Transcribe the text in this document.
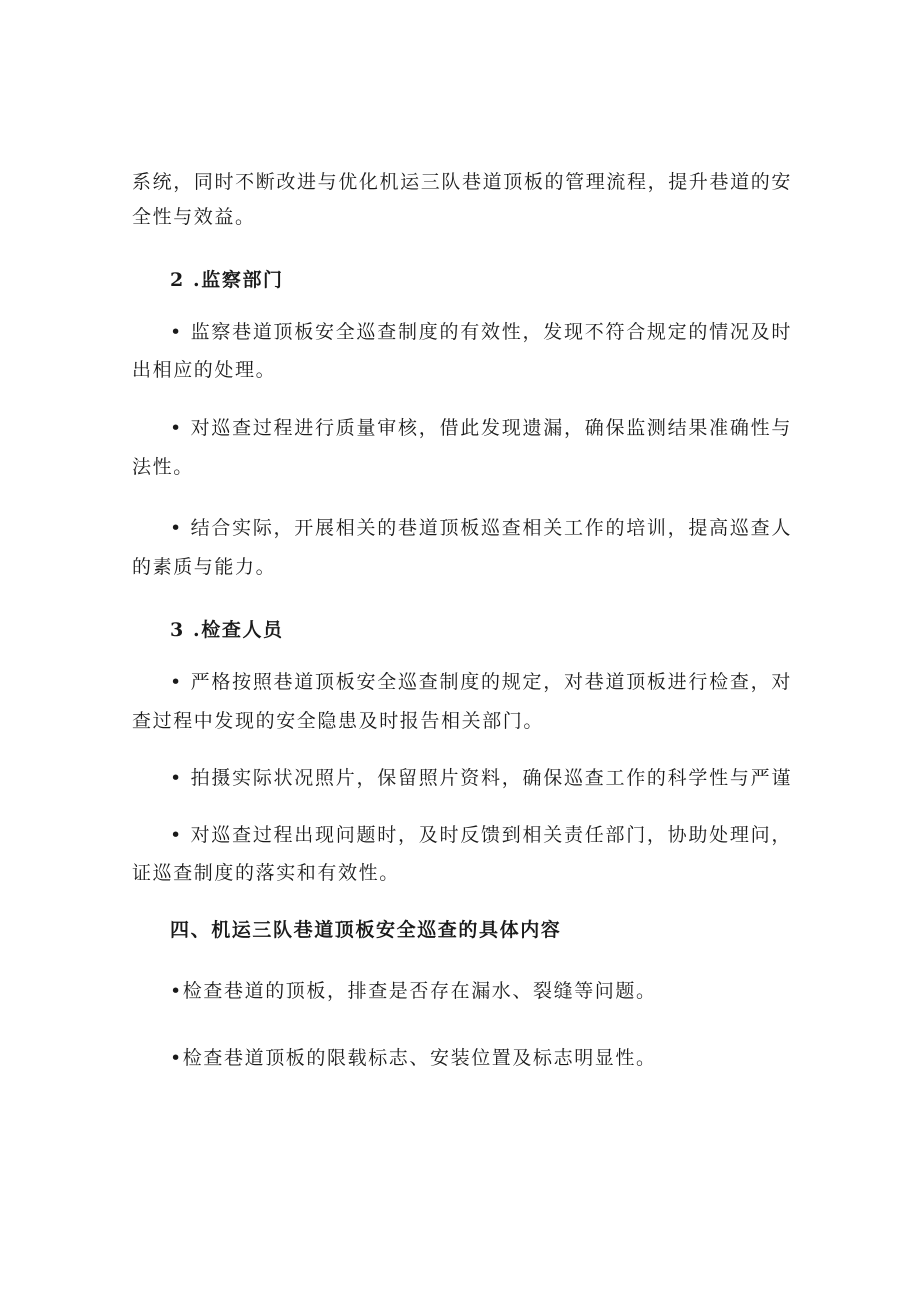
系统，同时不断改进与优化机运三队巷道顶板的管理流程，提升巷道的安
全性与效益。
2 .监察部门
• 监察巷道顶板安全巡查制度的有效性，发现不符合规定的情况及时
出相应的处理。
• 对巡查过程进行质量审核，借此发现遗漏，确保监测结果准确性与
法性。
• 结合实际，开展相关的巷道顶板巡查相关工作的培训，提高巡查人
的素质与能力。
3 .检查人员
• 严格按照巷道顶板安全巡查制度的规定，对巷道顶板进行检查，对
查过程中发现的安全隐患及时报告相关部门。
• 拍摄实际状况照片，保留照片资料，确保巡查工作的科学性与严谨
• 对巡查过程出现问题时，及时反馈到相关责任部门，协助处理问，
证巡查制度的落实和有效性。
四、机运三队巷道顶板安全巡查的具体内容
•检查巷道的顶板，排查是否存在漏水、裂缝等问题。
•检查巷道顶板的限载标志、安装位置及标志明显性。
